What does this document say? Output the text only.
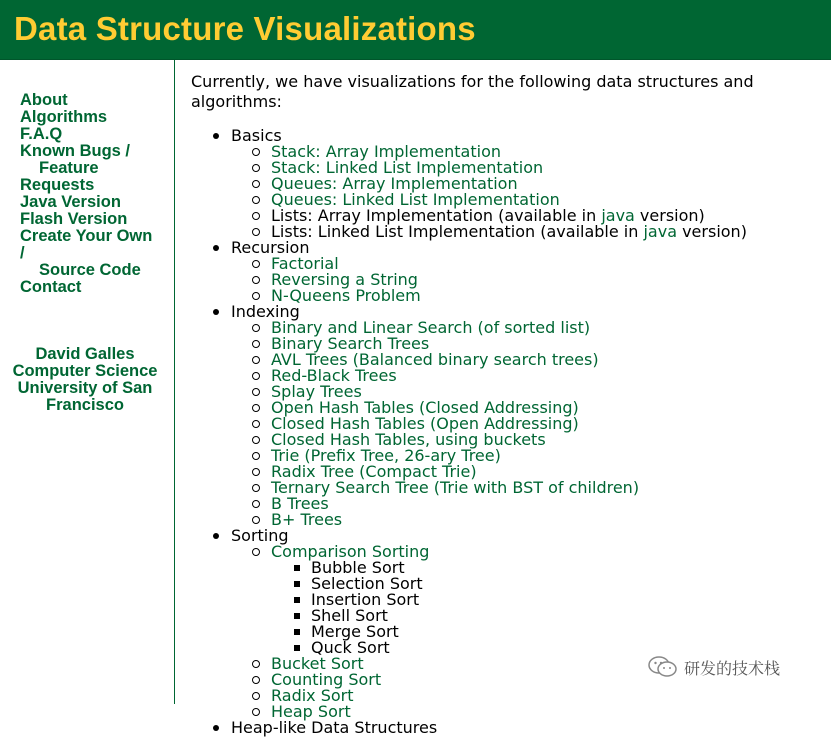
Data Structure Visualizations
About
Algorithms
F.A.Q
Known Bugs /
Feature
Requests
Java Version
Flash Version
Create Your Own
/
Source Code
Contact
David Galles
Computer Science
University of San
Francisco

Currently, we have visualizations for the following data structures and algorithms:

Basics
Stack: Array Implementation
Stack: Linked List Implementation
Queues: Array Implementation
Queues: Linked List Implementation
Lists: Array Implementation (available in java version)
Lists: Linked List Implementation (available in java version)
Recursion
Factorial
Reversing a String
N-Queens Problem
Indexing
Binary and Linear Search (of sorted list)
Binary Search Trees
AVL Trees (Balanced binary search trees)
Red-Black Trees
Splay Trees
Open Hash Tables (Closed Addressing)
Closed Hash Tables (Open Addressing)
Closed Hash Tables, using buckets
Trie (Prefix Tree, 26-ary Tree)
Radix Tree (Compact Trie)
Ternary Search Tree (Trie with BST of children)
B Trees
B+ Trees
Sorting
Comparison Sorting
Bubble Sort
Selection Sort
Insertion Sort
Shell Sort
Merge Sort
Quck Sort
Bucket Sort
Counting Sort
Radix Sort
Heap Sort
Heap-like Data Structures
研发的技术栈
